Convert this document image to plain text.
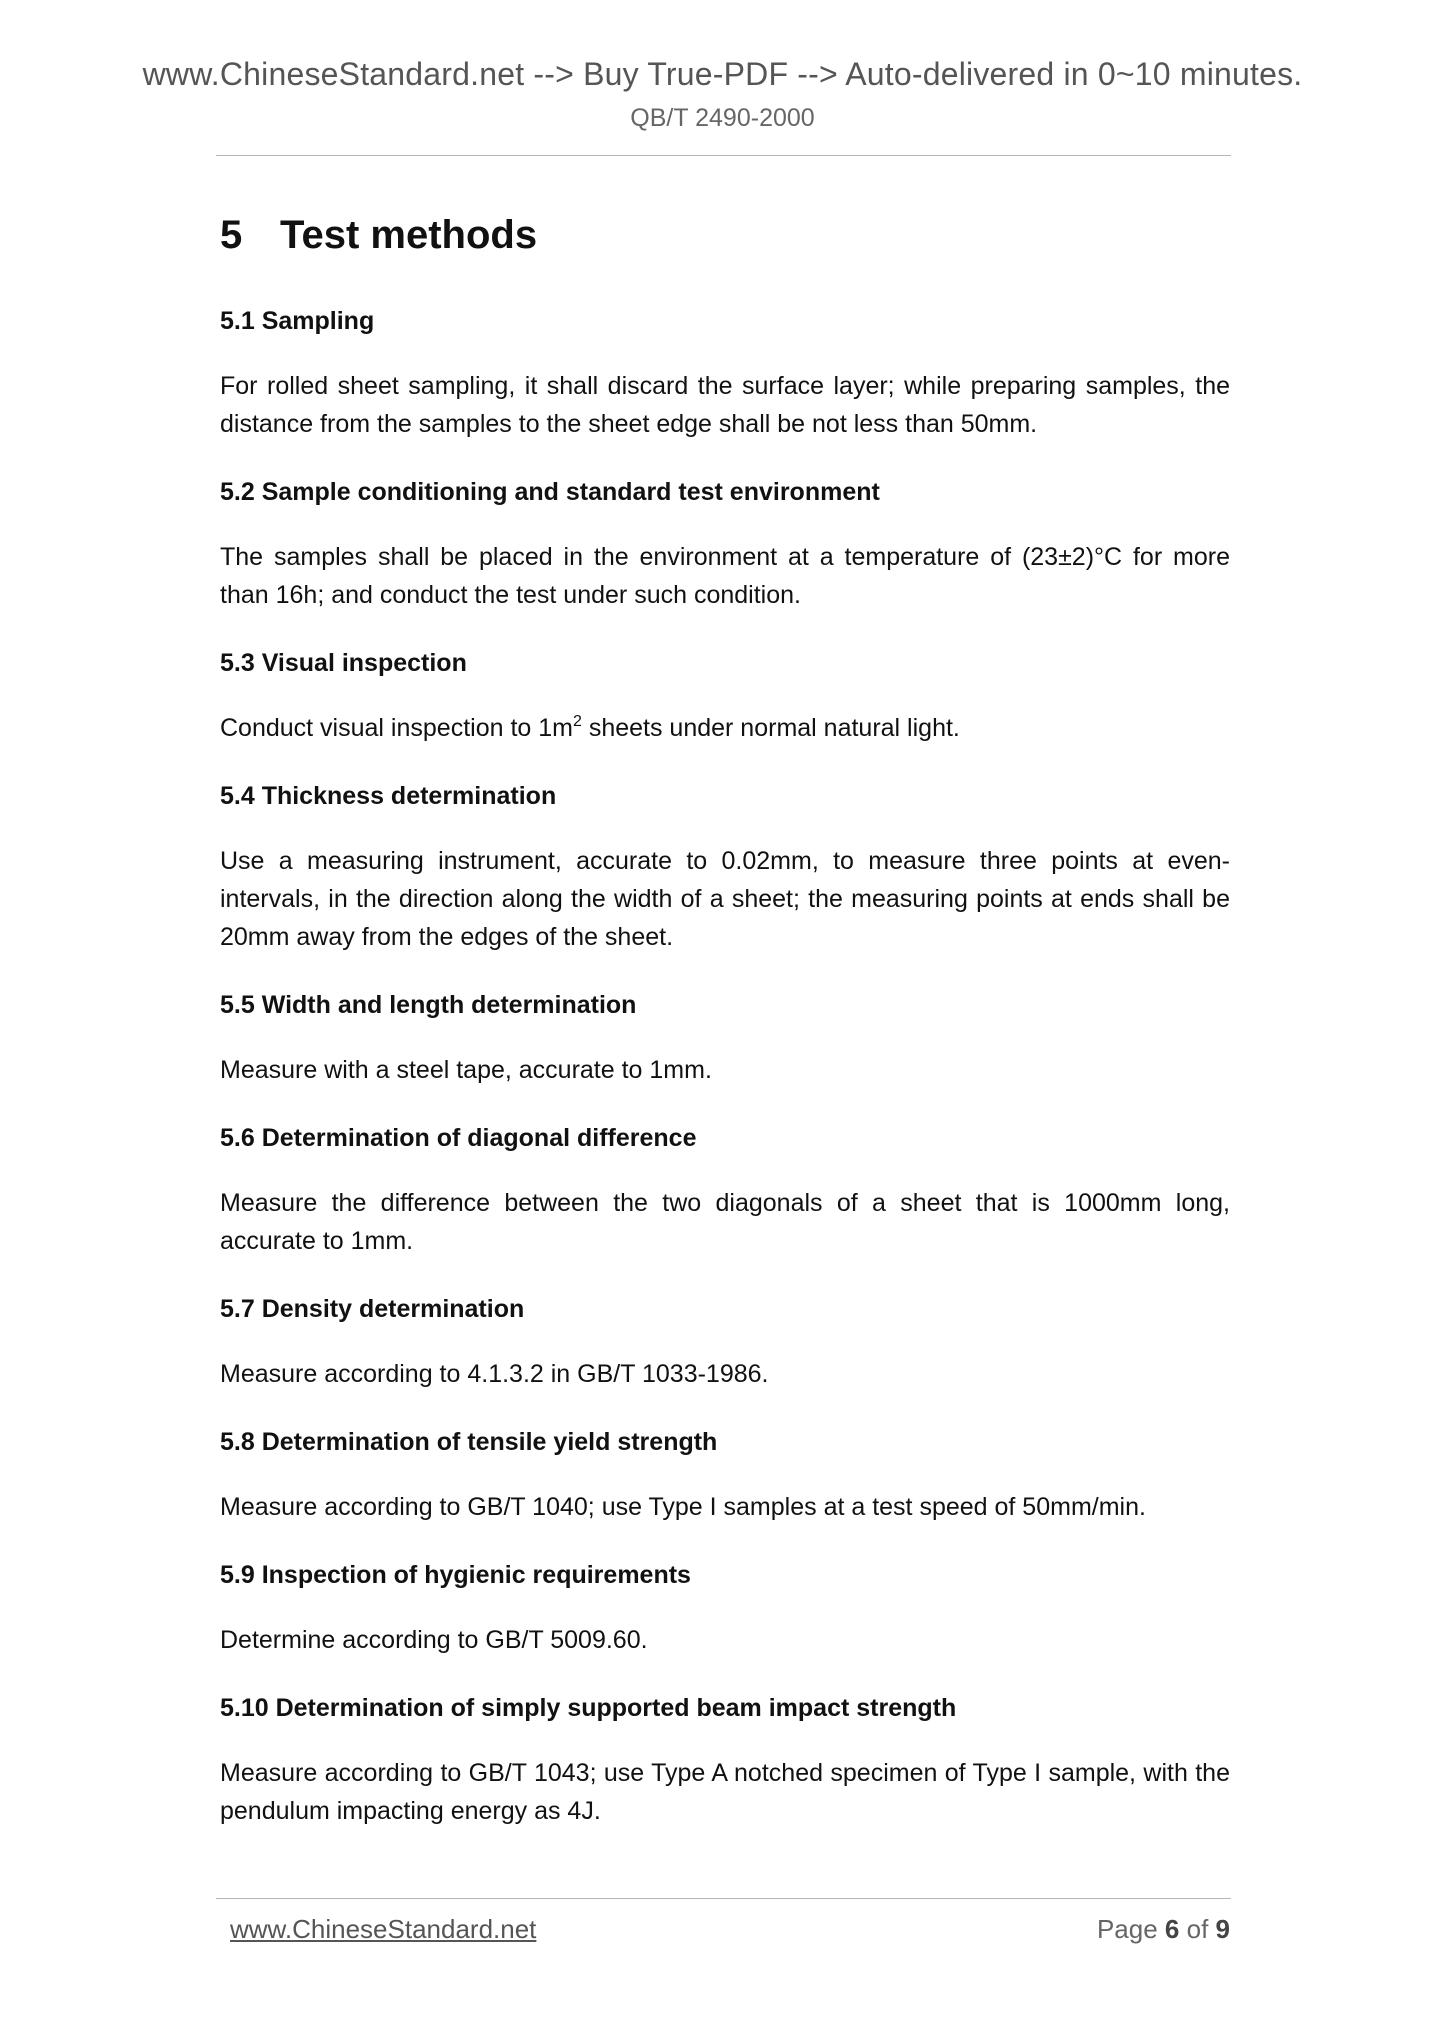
www.ChineseStandard.net --> Buy True-PDF --> Auto-delivered in 0~10 minutes.
QB/T 2490-2000
5 Test methods
5.1 Sampling

For rolled sheet sampling, it shall discard the surface layer; while preparing samples, the distance from the samples to the sheet edge shall be not less than 50mm.

5.2 Sample conditioning and standard test environment

The samples shall be placed in the environment at a temperature of (23±2)°C for more than 16h; and conduct the test under such condition.

5.3 Visual inspection

Conduct visual inspection to $1m^2$ sheets under normal natural light.

5.4 Thickness determination

Use a measuring instrument, accurate to 0.02mm, to measure three points at even-intervals, in the direction along the width of a sheet; the measuring points at ends shall be 20mm away from the edges of the sheet.

5.5 Width and length determination

Measure with a steel tape, accurate to 1mm.

5.6 Determination of diagonal difference

Measure the difference between the two diagonals of a sheet that is 1000mm long, accurate to 1mm.

5.7 Density determination

Measure according to 4.1.3.2 in GB/T 1033-1986.

5.8 Determination of tensile yield strength

Measure according to GB/T 1040; use Type I samples at a test speed of 50mm/min.

5.9 Inspection of hygienic requirements

Determine according to GB/T 5009.60.

5.10 Determination of simply supported beam impact strength

Measure according to GB/T 1043; use Type A notched specimen of Type I sample, with the pendulum impacting energy as 4J.

www.ChineseStandard.net	Page 6 of 9
